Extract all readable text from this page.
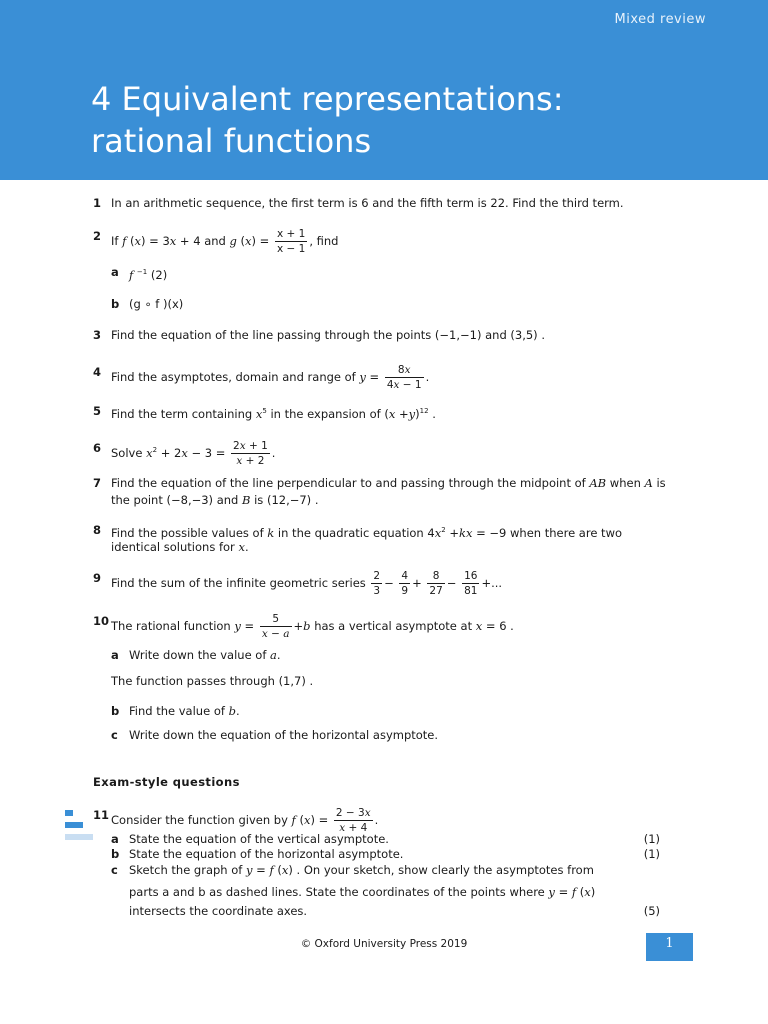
Mixed review
4 Equivalent representations:
rational functions
1 In an arithmetic sequence, the first term is 6 and the fifth term is 22. Find the third term.
2 If f (x) = 3x + 4 and g $(x) = \frac{x + 1}{x - 1}$ , find
a f $^{-1}$ (2)
b (g ∘ f )(x)
3 Find the equation of the line passing through the points (−1,−1) and (3,5) .
4 Find the asymptotes, domain and range of $y = \frac{8x}{4x - 1}$ .
5 Find the term containing $x^5$ in the expansion of $(x +y)^{12}$ .
6 Solve $x^2 + 2x - 3 = \frac{2x + 1}{x + 2}$ .
7 Find the equation of the line perpendicular to and passing through the midpoint of AB when A is
the point (−8,−3) and B is (12,−7) .
8 Find the possible values of k in the quadratic equation $4x^2 +kx = -9$ when there are two
identical solutions for x.
9 Find the sum of the infinite geometric series $\frac{2}{3} - \frac{4}{9} + \frac{8}{27} - \frac{16}{81}$ +...
10 The rational function $y = \frac{5}{x - a} +b$ has a vertical asymptote at x = 6 .
a Write down the value of a.
The function passes through (1,7) .
b Find the value of b.
c Write down the equation of the horizontal asymptote.
Exam-style questions
11 Consider the function given by f $(x) = \frac{2 - 3x}{x + 4}$ .
a State the equation of the vertical asymptote.	(1)
b State the equation of the horizontal asymptote.	(1)
c Sketch the graph of y = f (x) . On your sketch, show clearly the asymptotes from
parts a and b as dashed lines. State the coordinates of the points where y = f (x)
intersects the coordinate axes.	(5)
© Oxford University Press 2019	1
